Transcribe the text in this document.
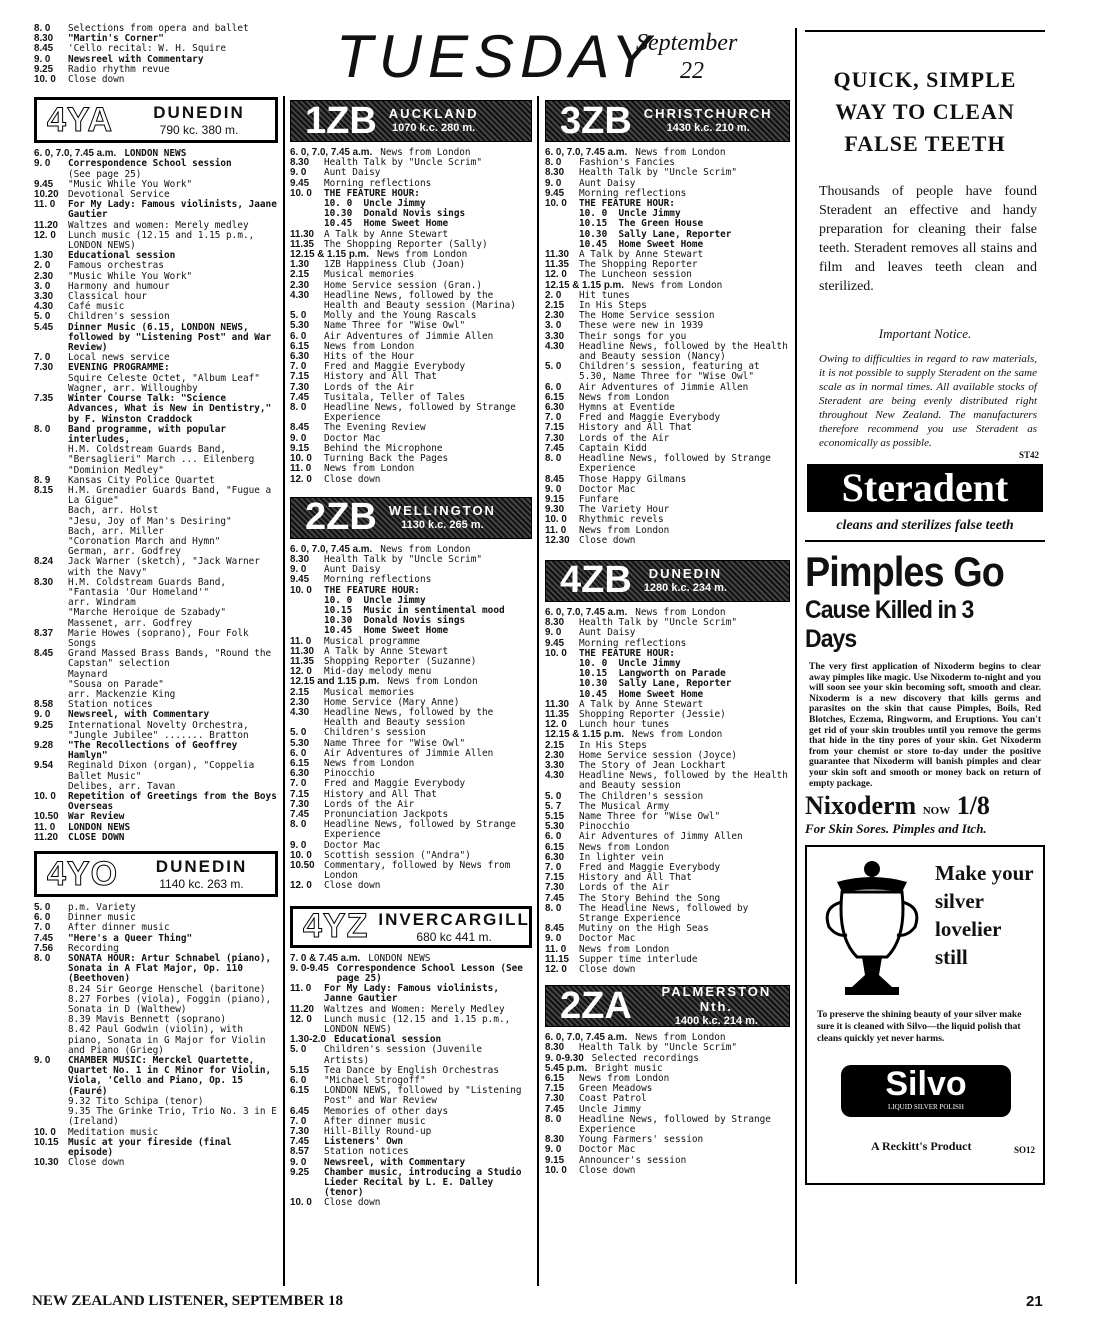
TUESDAY
September
22
8. 0	Selections from opera and ballet
8.30	"Martin's Corner"
8.45	'Cello recital: W. H. Squire
9. 0	Newsreel with Commentary
9.25	Radio rhythm revue
10. 0	Close down
4YA	DUNEDIN
790 kc. 380 m.
6. 0, 7.0, 7.45 a.m. LONDON NEWS
9. 0	Correspondence School session
(See page 25)
9.45	"Music While You Work"
10.20	Devotional Service
11. 0	For My Lady: Famous violinists, Jaane Gautier
11.20	Waltzes and women: Merely medley
12. 0	Lunch music (12.15 and 1.15 p.m., LONDON NEWS)
1.30	Educational session
2. 0	Famous orchestras
2.30	"Music While You Work"
3. 0	Harmony and humour
3.30	Classical hour
4.30	Café music
5. 0	Children's session
5.45	Dinner Music (6.15, LONDON NEWS, followed by "Listening Post" and War Review)
7. 0	Local news service
7.30	EVENING PROGRAMME:
Squire Celeste Octet, "Album Leaf"
Wagner, arr. Willoughby
7.35	Winter Course Talk: "Science Advances, What is New in Dentistry," by F. Winston Craddock
8. 0	Band programme, with popular interludes,
H.M. Coldstream Guards Band, "Bersaglieri" March ... Eilenberg
"Dominion Medley"
8. 9	Kansas City Police Quartet
8.15	H.M. Grenadier Guards Band, "Fugue a La Gigue"
Bach, arr. Holst
"Jesu, Joy of Man's Desiring"
Bach, arr. Miller
"Coronation March and Hymn"
German, arr. Godfrey
8.24	Jack Warner (sketch), "Jack Warner with the Navy"
8.30	H.M. Coldstream Guards Band, "Fantasia 'Our Homeland'"
arr. Windram
"Marche Heroique de Szabady"
Massenet, arr. Godfrey
8.37	Marie Howes (soprano), Four Folk Songs
8.45	Grand Massed Brass Bands, "Round the Capstan" selection
Maynard
"Sousa on Parade"
arr. Mackenzie King
8.58	Station notices
9. 0	Newsreel, with Commentary
9.25	International Novelty Orchestra, "Jungle Jubilee" ....... Bratton
9.28	"The Recollections of Geoffrey Hamlyn"
9.54	Reginald Dixon (organ), "Coppelia Ballet Music"
Delibes, arr. Tavan
10. 0	Repetition of Greetings from the Boys Overseas
10.50	War Review
11. 0	LONDON NEWS
11.20	CLOSE DOWN
4YO	DUNEDIN
1140 kc. 263 m.
5. 0	p.m. Variety
6. 0	Dinner music
7. 0	After dinner music
7.45	"Here's a Queer Thing"
7.56	Recording
8. 0	SONATA HOUR: Artur Schnabel (piano), Sonata in A Flat Major, Op. 110 (Beethoven)
8.24 Sir George Henschel (baritone)
8.27 Forbes (viola), Foggin (piano), Sonata in D (Walthew)
8.39 Mavis Bennett (soprano)
8.42 Paul Godwin (violin), with piano, Sonata in G Major for Violin and Piano (Grieg)
9. 0	CHAMBER MUSIC: Merckel Quartette, Quartet No. 1 in C Minor for Violin, Viola, 'Cello and Piano, Op. 15 (Fauré)
9.32 Tito Schipa (tenor)
9.35 The Grinke Trio, Trio No. 3 in E (Ireland)
10. 0	Meditation music
10.15	Music at your fireside (final episode)
10.30	Close down
1ZB AUCKLAND
1070 k.c. 280 m.
6. 0, 7.0, 7.45 a.m. News from London
8.30	Health Talk by "Uncle Scrim"
9. 0	Aunt Daisy
9.45	Morning reflections
10. 0	THE FEATURE HOUR:
10. 0  Uncle Jimmy
10.30  Donald Novis sings
10.45  Home Sweet Home
11.30	A Talk by Anne Stewart
11.35	The Shopping Reporter (Sally)
12.15 & 1.15 p.m. News from London
1.30	1ZB Happiness Club (Joan)
2.15	Musical memories
2.30	Home Service session (Gran.)
4.30	Headline News, followed by the Health and Beauty session (Marina)
5. 0	Molly and the Young Rascals
5.30	Name Three for "Wise Owl"
6. 0	Air Adventures of Jimmie Allen
6.15	News from London
6.30	Hits of the Hour
7. 0	Fred and Maggie Everybody
7.15	History and All That
7.30	Lords of the Air
7.45	Tusitala, Teller of Tales
8. 0	Headline News, followed by Strange Experience
8.45	The Evening Review
9. 0	Doctor Mac
9.15	Behind the Microphone
10. 0	Turning Back the Pages
11. 0	News from London
12. 0	Close down
2ZB WELLINGTON
1130 k.c. 265 m.
6. 0, 7.0, 7.45 a.m. News from London
8.30	Health Talk by "Uncle Scrim"
9. 0	Aunt Daisy
9.45	Morning reflections
10. 0	THE FEATURE HOUR:
10. 0  Uncle Jimmy
10.15  Music in sentimental mood
10.30  Donald Novis sings
10.45  Home Sweet Home
11. 0	Musical programme
11.30	A Talk by Anne Stewart
11.35	Shopping Reporter (Suzanne)
12. 0	Mid-day melody menu
12.15 and 1.15 p.m. News from London
2.15	Musical memories
2.30	Home Service (Mary Anne)
4.30	Headline News, followed by the Health and Beauty session
5. 0	Children's session
5.30	Name Three for "Wise Owl"
6. 0	Air Adventures of Jimmie Allen
6.15	News from London
6.30	Pinocchio
7. 0	Fred and Maggie Everybody
7.15	History and All That
7.30	Lords of the Air
7.45	Pronunciation Jackpots
8. 0	Headline News, followed by Strange Experience
9. 0	Doctor Mac
10. 0	Scottish session ("Andra")
10.50	Commentary, followed by News from London
12. 0	Close down
4YZ INVERCARGILL
680 kc 441 m.
7. 0 & 7.45 a.m. LONDON NEWS
9. 0-9.45 Correspondence School Lesson (See page 25)
11. 0	For My Lady: Famous violinists, Janne Gautier
11.20	Waltzes and Women: Merely Medley
12. 0	Lunch music (12.15 and 1.15 p.m., LONDON NEWS)
1.30-2.0 Educational session
5. 0	Children's session (Juvenile Artists)
5.15	Tea Dance by English Orchestras
6. 0	"Michael Strogoff"
6.15	LONDON NEWS, followed by "Listening Post" and War Review
6.45	Memories of other days
7. 0	After dinner music
7.30	Hill-Billy Round-up
7.45	Listeners' Own
8.57	Station notices
9. 0	Newsreel, with Commentary
9.25	Chamber music, introducing a Studio Lieder Recital by L. E. Dalley (tenor)
10. 0	Close down
3ZB CHRISTCHURCH
1430 k.c. 210 m.
6. 0, 7.0, 7.45 a.m. News from London
8. 0	Fashion's Fancies
8.30	Health Talk by "Uncle Scrim"
9. 0	Aunt Daisy
9.45	Morning reflections
10. 0	THE FEATURE HOUR:
10. 0  Uncle Jimmy
10.15  The Green House
10.30  Sally Lane, Reporter
10.45  Home Sweet Home
11.30	A Talk by Anne Stewart
11.35	The Shopping Reporter
12. 0	The Luncheon session
12.15 & 1.15 p.m. News from London
2. 0	Hit tunes
2.15	In His Steps
2.30	The Home Service session
3. 0	These were new in 1939
3.30	Their songs for you
4.30	Headline News, followed by the Health and Beauty session (Nancy)
5. 0	Children's session, featuring at 5.30, Name Three for "Wise Owl"
6. 0	Air Adventures of Jimmie Allen
6.15	News from London
6.30	Hymns at Eventide
7. 0	Fred and Maggie Everybody
7.15	History and All That
7.30	Lords of the Air
7.45	Captain Kidd
8. 0	Headline News, followed by Strange Experience
8.45	Those Happy Gilmans
9. 0	Doctor Mac
9.15	Funfare
9.30	The Variety Hour
10. 0	Rhythmic revels
11. 0	News from London
12.30	Close down
4ZB	DUNEDIN
1280 k.c. 234 m.
6. 0, 7.0, 7.45 a.m. News from London
8.30	Health Talk by "Uncle Scrim"
9. 0	Aunt Daisy
9.45	Morning reflections
10. 0	THE FEATURE HOUR:
10. 0  Uncle Jimmy
10.15  Langworth on Parade
10.30  Sally Lane, Reporter
10.45  Home Sweet Home
11.30	A Talk by Anne Stewart
11.35	Shopping Reporter (Jessie)
12. 0	Lunch hour tunes
12.15 & 1.15 p.m. News from London
2.15	In His Steps
2.30	Home Service session (Joyce)
3.30	The Story of Jean Lockhart
4.30	Headline News, followed by the Health and Beauty session
5. 0	The Children's session
5. 7	The Musical Army
5.15	Name Three for "Wise Owl"
5.30	Pinocchio
6. 0	Air Adventures of Jimmy Allen
6.15	News from London
6.30	In lighter vein
7. 0	Fred and Maggie Everybody
7.15	History and All That
7.30	Lords of the Air
7.45	The Story Behind the Song
8. 0	The Headline News, followed by Strange Experience
8.45	Mutiny on the High Seas
9. 0	Doctor Mac
11. 0	News from London
11.15	Supper time interlude
12. 0	Close down
2ZA	PALMERSTON Nth.
1400 k.c. 214 m.
6. 0, 7.0, 7.45 a.m. News from London
8.30	Health Talk by "Uncle Scrim"
9. 0-9.30 Selected recordings
5.45 p.m. Bright music
6.15	News from London
7.15	Green Meadows
7.30	Coast Patrol
7.45	Uncle Jimmy
8. 0	Headline News, followed by Strange Experience
8.30	Young Farmers' session
9. 0	Doctor Mac
9.15	Announcer's session
10. 0	Close down
QUICK, SIMPLE WAY TO CLEAN FALSE TEETH
Thousands of people have found Steradent an effective and handy preparation for cleaning their false teeth. Steradent removes all stains and film and leaves teeth clean and sterilized.
Important Notice.
Owing to difficulties in regard to raw materials, it is not possible to supply Steradent on the same scale as in normal times. All available stocks of Steradent are being evenly distributed right throughout New Zealand. The manufacturers therefore recommend you use Steradent as economically as possible.
ST42
Steradent
cleans and sterilizes false teeth
Pimples Go
Cause Killed in 3 Days
The very first application of Nixoderm begins to clear away pimples like magic. Use Nixoderm to-night and you will soon see your skin becoming soft, smooth and clear. Nixoderm is a new discovery that kills germs and parasites on the skin that cause Pimples, Boils, Red Blotches, Eczema, Ringworm, and Eruptions. You can't get rid of your skin troubles until you remove the germs that hide in the tiny pores of your skin. Get Nixoderm from your chemist or store to-day under the positive guarantee that Nixoderm will banish pimples and clear your skin soft and smooth or money back on return of empty package.
Nixoderm NOW 1/8
For Skin Sores. Pimples and Itch.
Make your silver lovelier still
To preserve the shining beauty of your silver make sure it is cleaned with Silvo—the liquid polish that cleans quickly yet never harms.
Silvo
LIQUID SILVER POLISH
A Reckitt's Product	SO12
NEW ZEALAND LISTENER, SEPTEMBER 18	21
